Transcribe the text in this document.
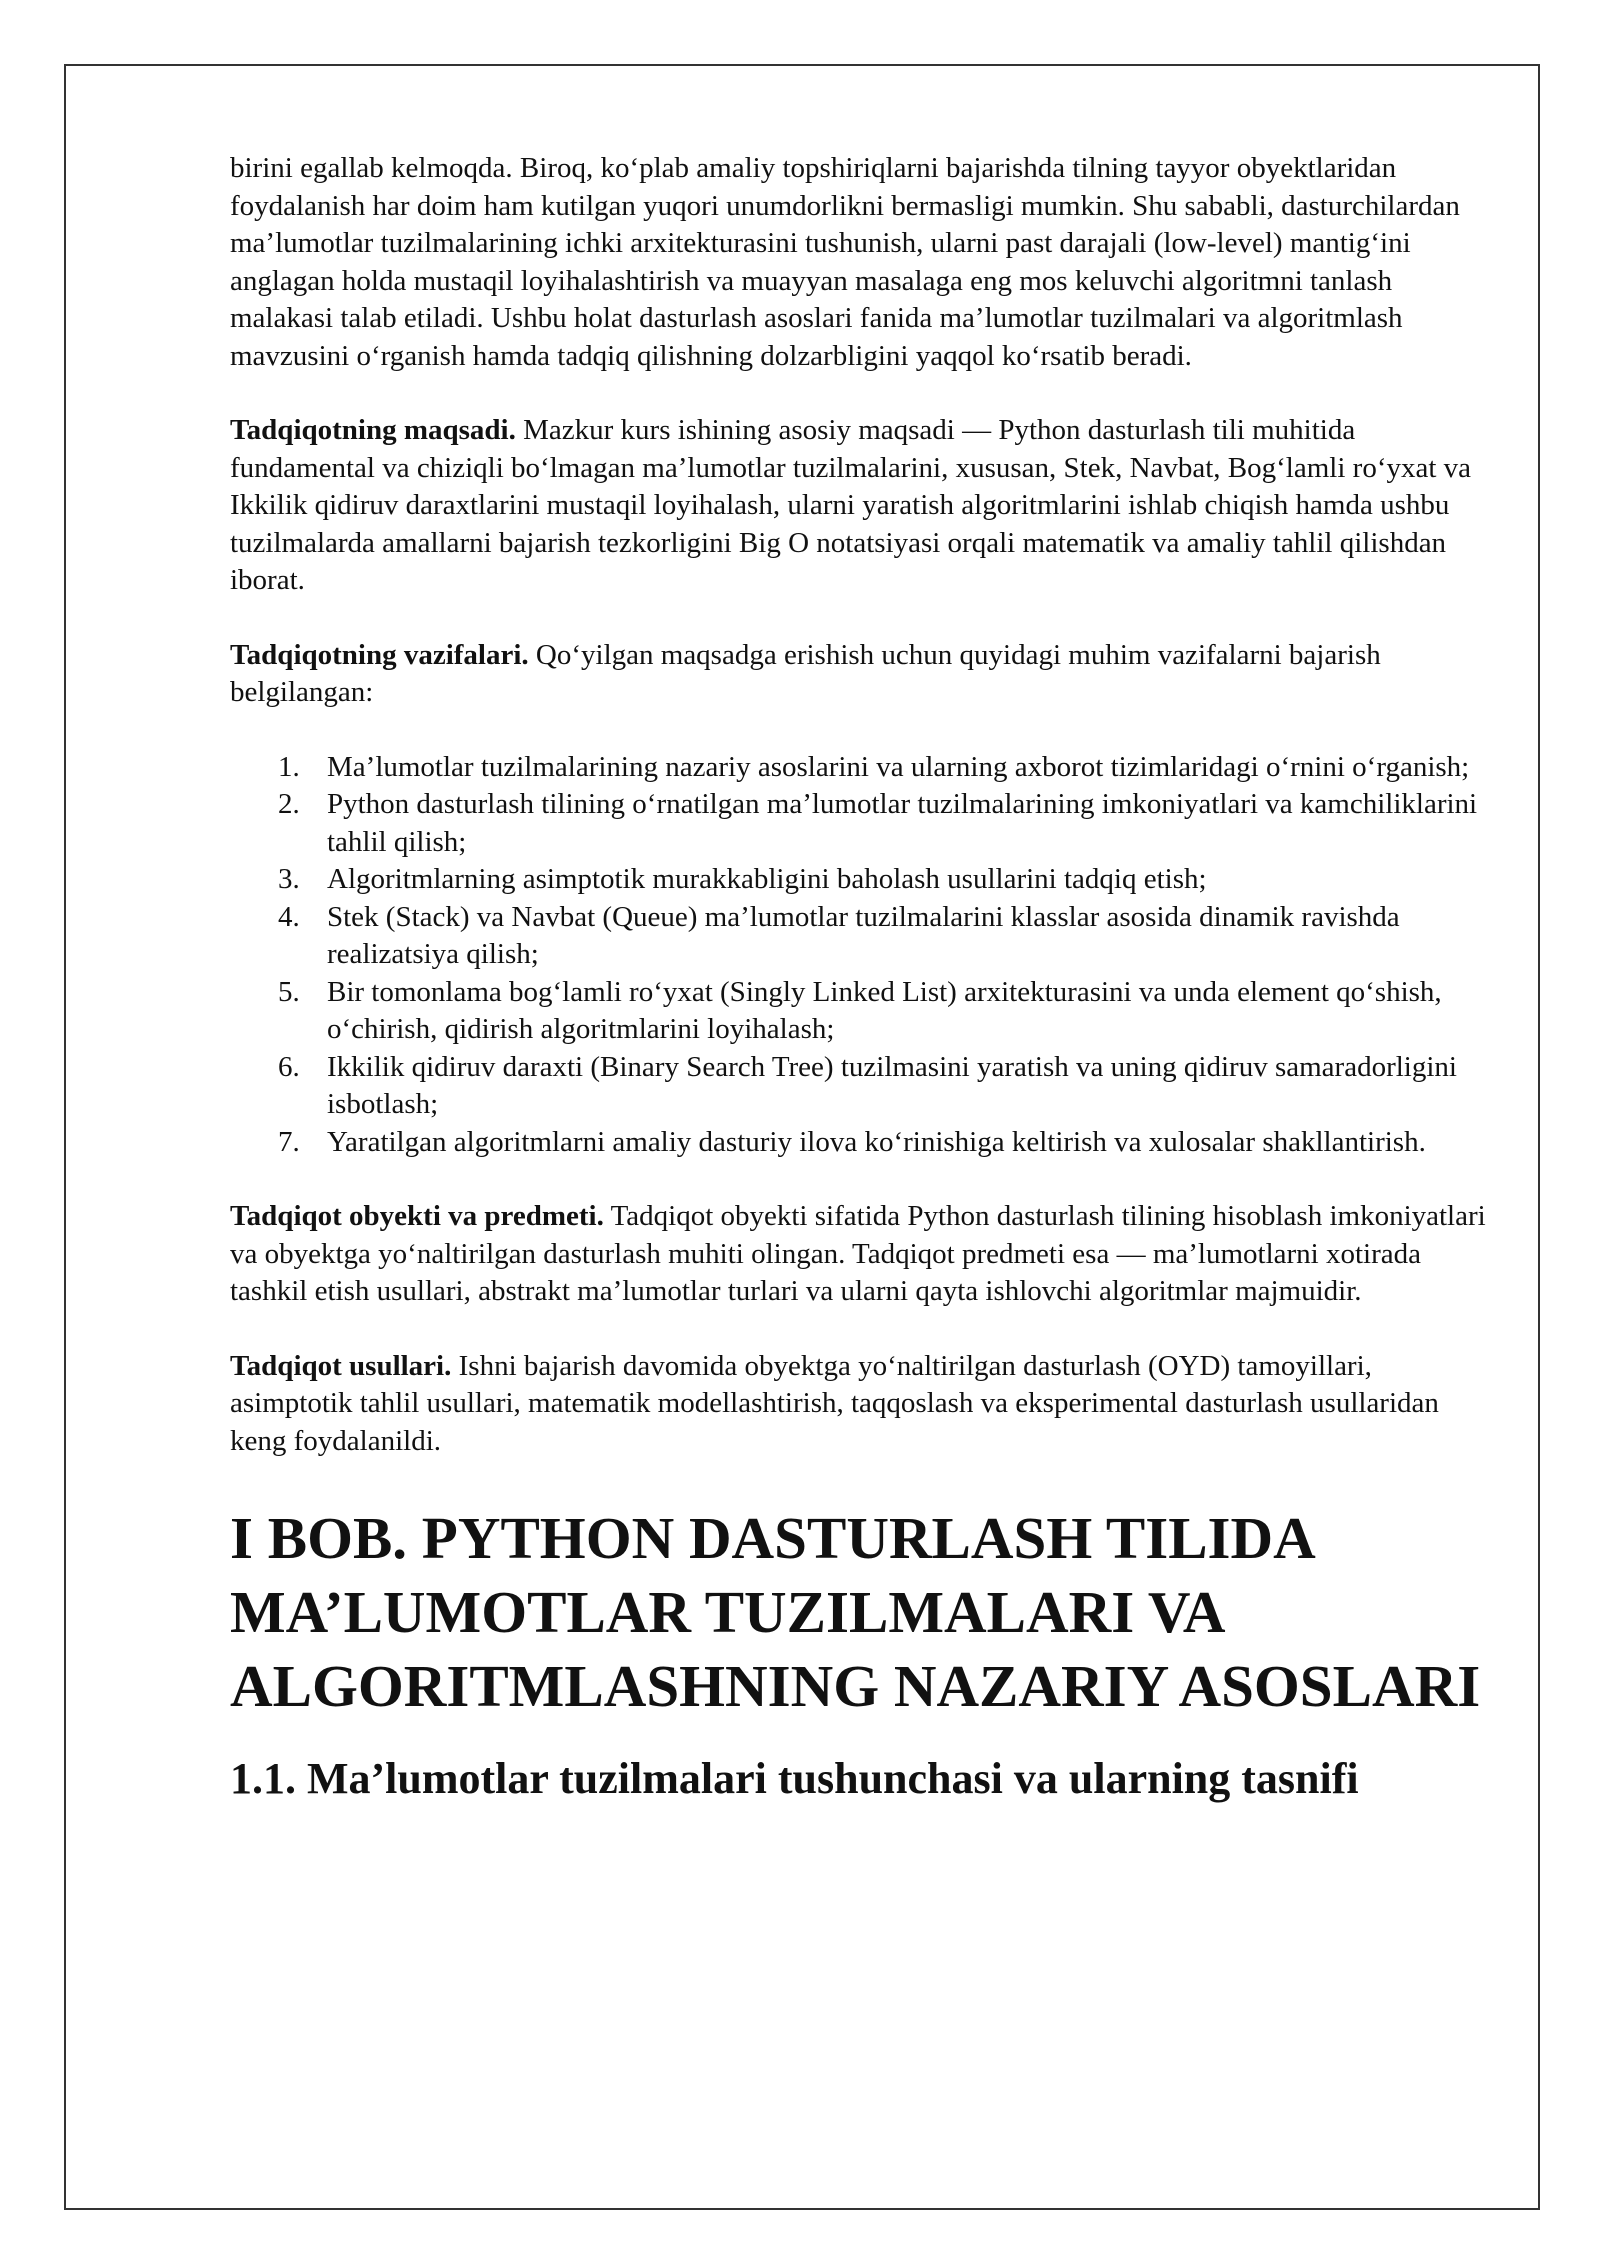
birini egallab kelmoqda. Biroq, ko‘plab amaliy topshiriqlarni bajarishda tilning tayyor obyektlaridan foydalanish har doim ham kutilgan yuqori unumdorlikni bermasligi mumkin. Shu sababli, dasturchilardan ma’lumotlar tuzilmalarining ichki arxitekturasini tushunish, ularni past darajali (low-level) mantig‘ini anglagan holda mustaqil loyihalashtirish va muayyan masalaga eng mos keluvchi algoritmni tanlash malakasi talab etiladi. Ushbu holat dasturlash asoslari fanida ma’lumotlar tuzilmalari va algoritmlash mavzusini o‘rganish hamda tadqiq qilishning dolzarbligini yaqqol ko‘rsatib beradi.

Tadqiqotning maqsadi. Mazkur kurs ishining asosiy maqsadi — Python dasturlash tili muhitida fundamental va chiziqli bo‘lmagan ma’lumotlar tuzilmalarini, xususan, Stek, Navbat, Bog‘lamli ro‘yxat va Ikkilik qidiruv daraxtlarini mustaqil loyihalash, ularni yaratish algoritmlarini ishlab chiqish hamda ushbu tuzilmalarda amallarni bajarish tezkorligini Big O notatsiyasi orqali matematik va amaliy tahlil qilishdan iborat.

Tadqiqotning vazifalari. Qo‘yilgan maqsadga erishish uchun quyidagi muhim vazifalarni bajarish belgilangan:

1. Ma’lumotlar tuzilmalarining nazariy asoslarini va ularning axborot tizimlaridagi o‘rnini o‘rganish;
2. Python dasturlash tilining o‘rnatilgan ma’lumotlar tuzilmalarining imkoniyatlari va kamchiliklarini tahlil qilish;
3. Algoritmlarning asimptotik murakkabligini baholash usullarini tadqiq etish;
4. Stek (Stack) va Navbat (Queue) ma’lumotlar tuzilmalarini klasslar asosida dinamik ravishda realizatsiya qilish;
5. Bir tomonlama bog‘lamli ro‘yxat (Singly Linked List) arxitekturasini va unda element qo‘shish, o‘chirish, qidirish algoritmlarini loyihalash;
6. Ikkilik qidiruv daraxti (Binary Search Tree) tuzilmasini yaratish va uning qidiruv samaradorligini isbotlash;
7. Yaratilgan algoritmlarni amaliy dasturiy ilova ko‘rinishiga keltirish va xulosalar shakllantirish.

Tadqiqot obyekti va predmeti. Tadqiqot obyekti sifatida Python dasturlash tilining hisoblash imkoniyatlari va obyektga yo‘naltirilgan dasturlash muhiti olingan. Tadqiqot predmeti esa — ma’lumotlarni xotirada tashkil etish usullari, abstrakt ma’lumotlar turlari va ularni qayta ishlovchi algoritmlar majmuidir.

Tadqiqot usullari. Ishni bajarish davomida obyektga yo‘naltirilgan dasturlash (OYD) tamoyillari, asimptotik tahlil usullari, matematik modellashtirish, taqqoslash va eksperimental dasturlash usullaridan keng foydalanildi.

I BOB. PYTHON DASTURLASH TILIDA MA’LUMOTLAR TUZILMALARI VA ALGORITMLASHNING NAZARIY ASOSLARI
1.1. Ma’lumotlar tuzilmalari tushunchasi va ularning tasnifi
